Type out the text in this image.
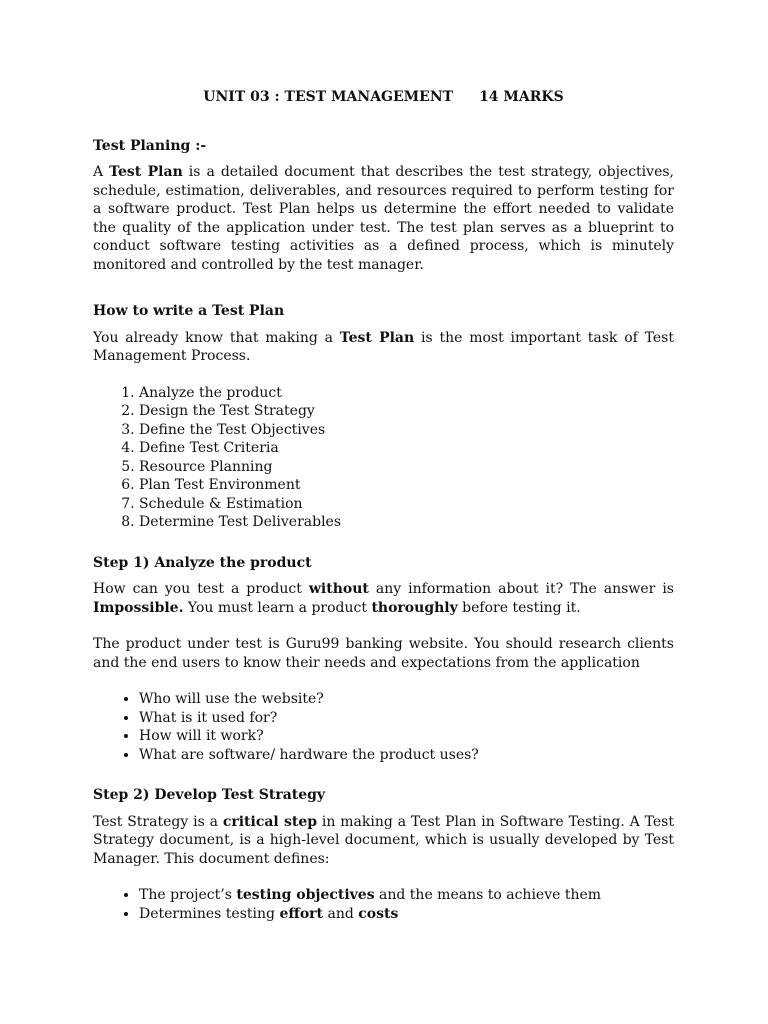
UNIT 03 : TEST MANAGEMENT 14 MARKS
Test Planing :-

A Test Plan is a detailed document that describes the test strategy, objectives, schedule, estimation, deliverables, and resources required to perform testing for a software product. Test Plan helps us determine the effort needed to validate the quality of the application under test. The test plan serves as a blueprint to conduct software testing activities as a defined process, which is minutely monitored and controlled by the test manager.

How to write a Test Plan

You already know that making a Test Plan is the most important task of Test Management Process.

1. Analyze the product
2. Design the Test Strategy
3. Define the Test Objectives
4. Define Test Criteria
5. Resource Planning
6. Plan Test Environment
7. Schedule & Estimation
8. Determine Test Deliverables
Step 1) Analyze the product

How can you test a product without any information about it? The answer is Impossible. You must learn a product thoroughly before testing it.

The product under test is Guru99 banking website. You should research clients and the end users to know their needs and expectations from the application

• Who will use the website?
• What is it used for?
• How will it work?
• What are software/ hardware the product uses?
Step 2) Develop Test Strategy

Test Strategy is a critical step in making a Test Plan in Software Testing. A Test Strategy document, is a high-level document, which is usually developed by Test Manager. This document defines:

• The project’s testing objectives and the means to achieve them
• Determines testing effort and costs
